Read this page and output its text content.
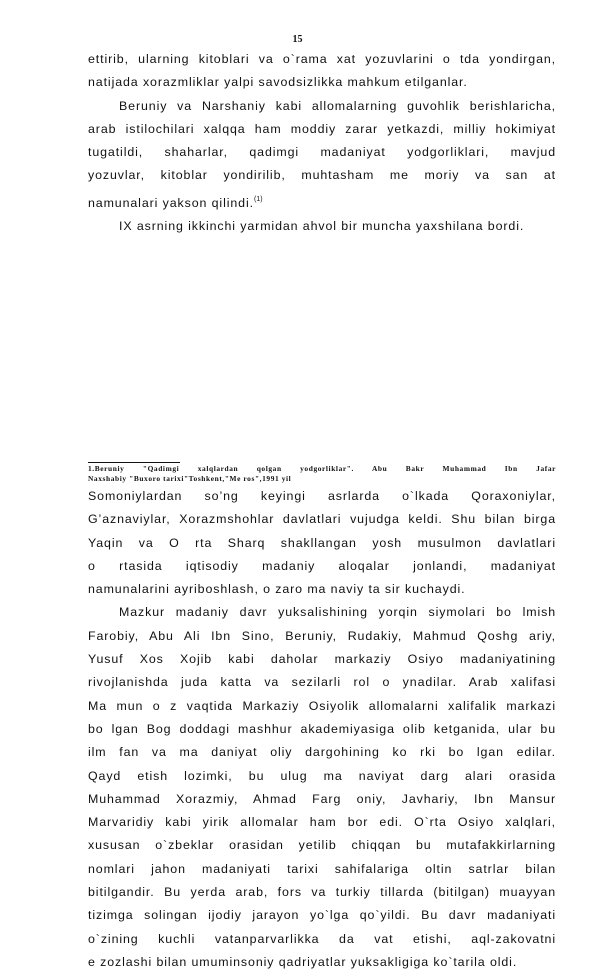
15
ettirib, ularning kitoblari va o`rama xat yozuvlarini o tda yondirgan,
natijada xorazmliklar yalpi savodsizlikka mahkum etilganlar.
Beruniy va Narshaniy kabi allomalarning guvohlik berishlaricha,
arab istilochilari xalqqa ham moddiy zarar yetkazdi, milliy hokimiyat
tugatildi, shaharlar, qadimgi madaniyat yodgorliklari, mavjud
yozuvlar, kitoblar yondirilib, muhtasham me moriy va san at
namunalari yakson qilindi.$^{(1)}$
IX asrning ikkinchi yarmidan ahvol bir muncha yaxshilana bordi.
1.Beruniy "Qadimgi xalqlardan qolgan yodgorliklar". Abu Bakr Muhammad Ibn Jafar
Naxshabiy "Buxoro tarixi"Toshkent,"Me ros",1991 yil
Somoniylardan so’ng keyingi asrlarda o`lkada Qoraxoniylar,
G’aznaviylar, Xorazmshohlar davlatlari vujudga keldi. Shu bilan birga
Yaqin va O rta Sharq shakllangan yosh musulmon davlatlari
o rtasida iqtisodiy madaniy aloqalar jonlandi, madaniyat
namunalarini ayriboshlash, o zaro ma naviy ta sir kuchaydi.
Mazkur madaniy davr yuksalishining yorqin siymolari bo lmish
Farobiy, Abu Ali Ibn Sino, Beruniy, Rudakiy, Mahmud Qoshg ariy,
Yusuf Xos Xojib kabi daholar markaziy Osiyo madaniyatining
rivojlanishda juda katta va sezilarli rol o ynadilar. Arab xalifasi
Ma mun o z vaqtida Markaziy Osiyolik allomalarni xalifalik markazi
bo lgan Bog doddagi mashhur akademiyasiga olib ketganida, ular bu
ilm fan va ma daniyat oliy dargohining ko rki bo lgan edilar.
Qayd etish lozimki, bu ulug ma naviyat darg alari orasida
Muhammad Xorazmiy, Ahmad Farg oniy, Javhariy, Ibn Mansur
Marvaridiy kabi yirik allomalar ham bor edi. O`rta Osiyo xalqlari,
xususan o`zbeklar orasidan yetilib chiqqan bu mutafakkirlarning
nomlari jahon madaniyati tarixi sahifalariga oltin satrlar bilan
bitilgandir. Bu yerda arab, fors va turkiy tillarda (bitilgan) muayyan
tizimga solingan ijodiy jarayon yo`lga qo`yildi. Bu davr madaniyati
o`zining kuchli vatanparvarlikka da vat etishi, aql-zakovatni
e zozlashi bilan umuminsoniy qadriyatlar yuksakligiga ko`tarila oldi.
